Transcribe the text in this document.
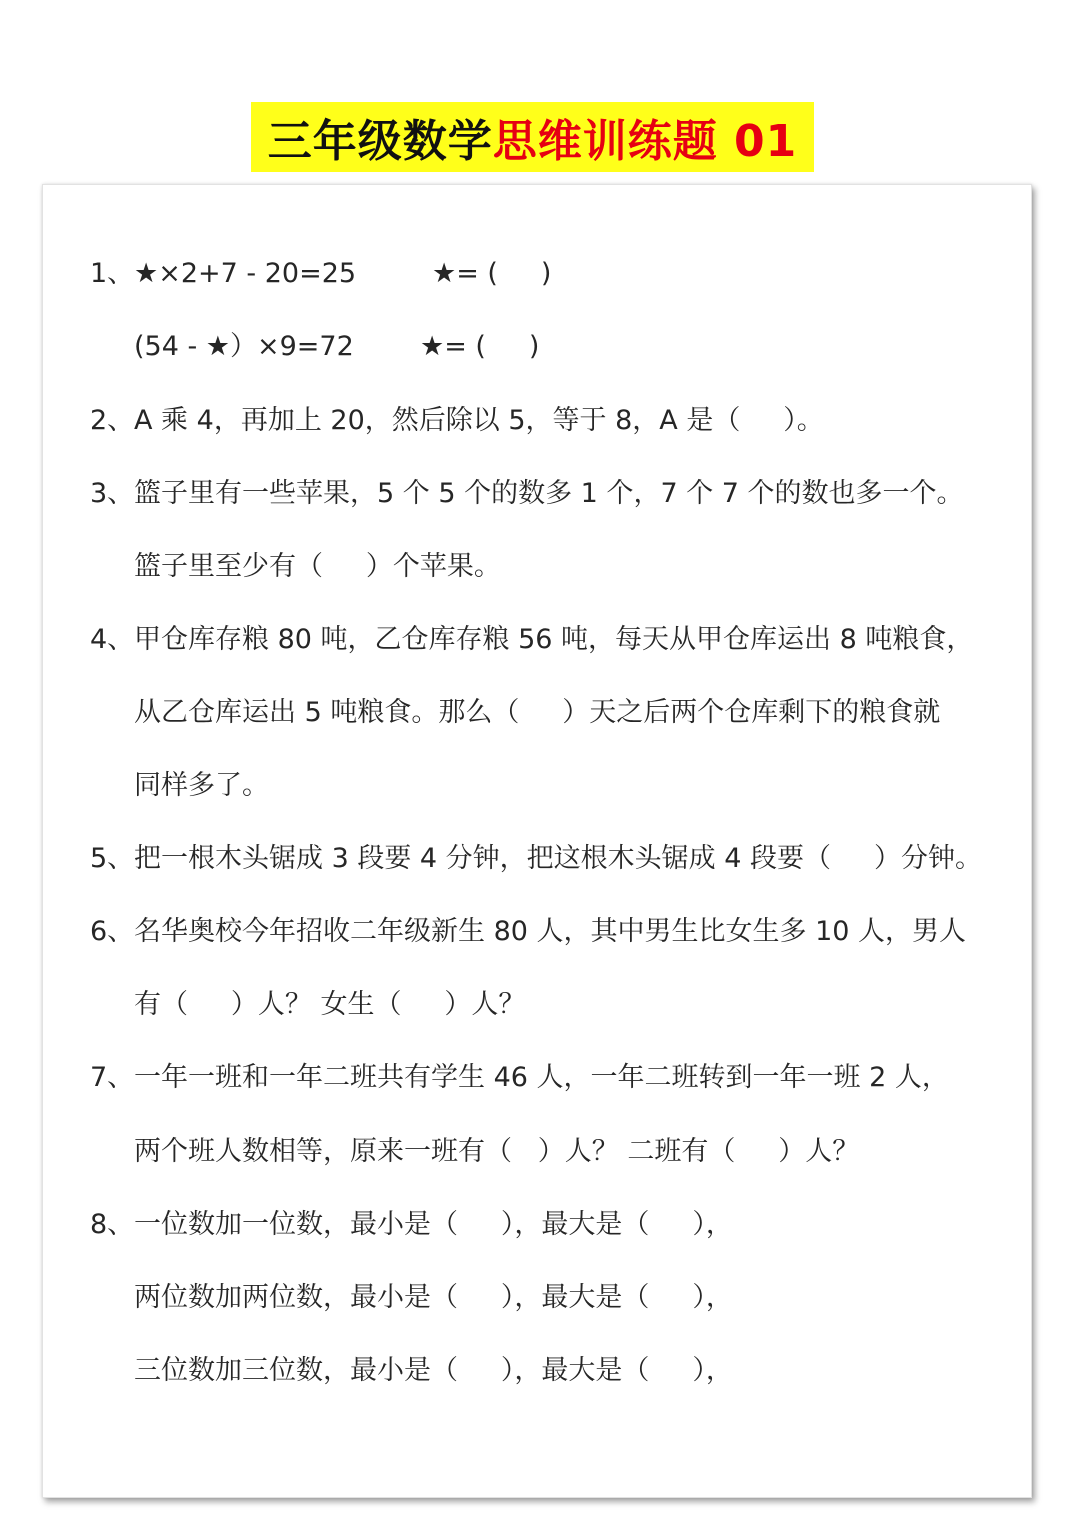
三年级数学 思维训练题 01
1、 ★×2+7 - 20=25	★= (     )
(54 - ★）×9=72 ★= (     )
2、 A 乘 4，再加上 20，然后除以 5，等于 8，A 是（     ）。
3、 篮子里有一些苹果，5 个 5 个的数多 1 个，7 个 7 个的数也多一个。
篮子里至少有（     ）个苹果。
4、 甲仓库存粮 80 吨，乙仓库存粮 56 吨，每天从甲仓库运出 8 吨粮食，
从乙仓库运出 5 吨粮食。那么（     ）天之后两个仓库剩下的粮食就
同样多了。
5、 把一根木头锯成 3 段要 4 分钟，把这根木头锯成 4 段要（     ）分钟。
6、 名华奥校今年招收二年级新生 80 人，其中男生比女生多 10 人，男人
有（     ）人？ 女生（     ）人？
7、 一年一班和一年二班共有学生 46 人，一年二班转到一年一班 2 人，
两个班人数相等，原来一班有（   ）人？ 二班有（     ）人？
8、 一位数加一位数，最小是（     ），最大是（     ），
两位数加两位数，最小是（     ），最大是（     ），
三位数加三位数，最小是（     ），最大是（     ），
